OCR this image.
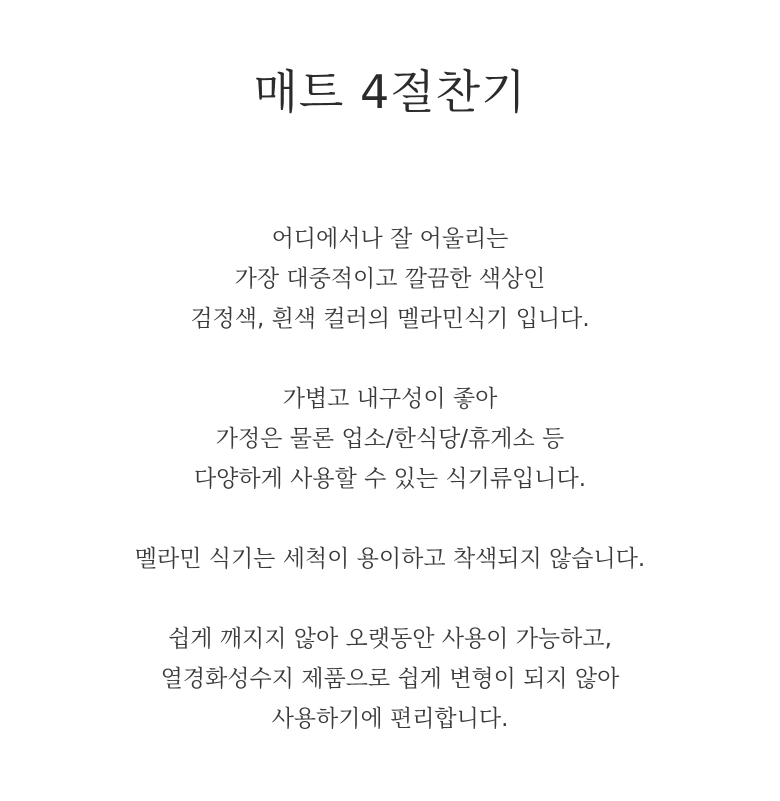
매트 4절찬기

어디에서나 잘 어울리는
가장 대중적이고 깔끔한 색상인
검정색, 흰색 컬러의 멜라민식기 입니다.

가볍고 내구성이 좋아
가정은 물론 업소/한식당/휴게소 등
다양하게 사용할 수 있는 식기류입니다.

멜라민 식기는 세척이 용이하고 착색되지 않습니다.

쉽게 깨지지 않아 오랫동안 사용이 가능하고,
열경화성수지 제품으로 쉽게 변형이 되지 않아
사용하기에 편리합니다.
